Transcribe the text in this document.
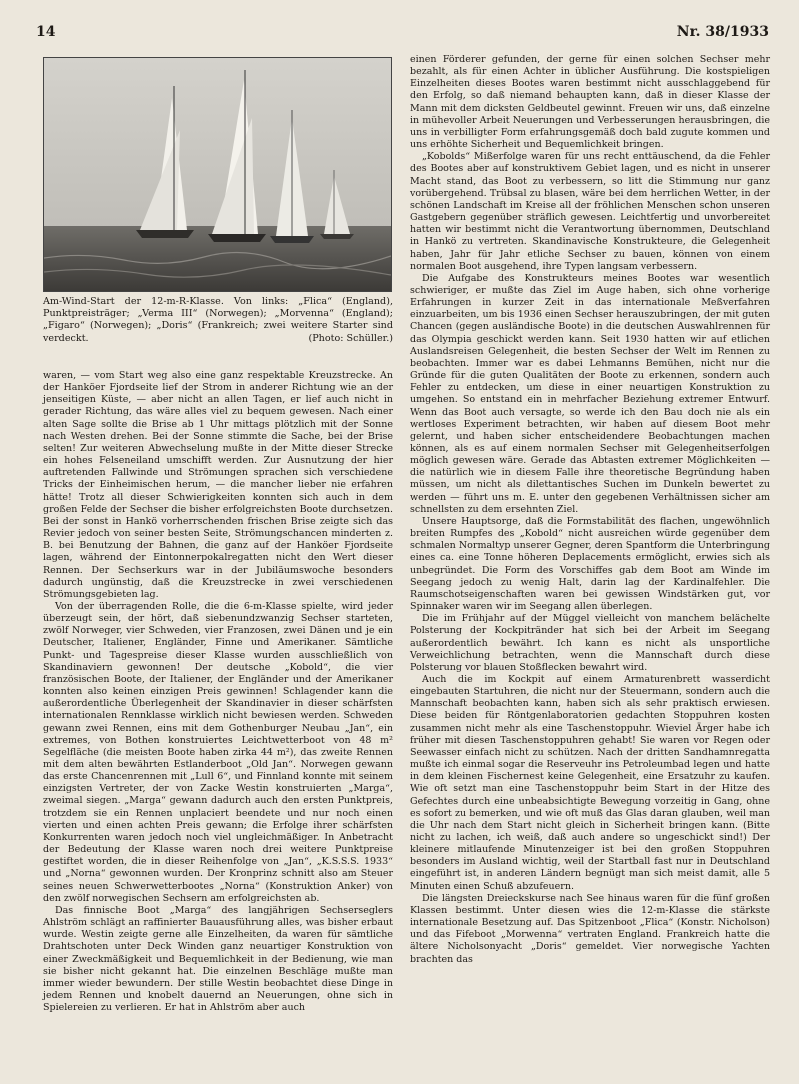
14	Nr. 38/1933
Am-Wind-Start der 12-m-R-Klasse. Von links: „Flica“ (England), Punktpreisträger; „Verma III“ (Norwegen); „Morvenna“ (England); „Figaro“ (Norwegen); „Doris“ (Frankreich; zwei weitere Starter sind verdeckt.	(Photo: Schüller.)

waren, — vom Start weg also eine ganz respektable Kreuzstrecke. An der Hanköer Fjordseite lief der Strom in anderer Richtung wie an der jenseitigen Küste, — aber nicht an allen Tagen, er lief auch nicht in gerader Richtung, das wäre alles viel zu bequem gewesen. Nach einer alten Sage sollte die Brise ab 1 Uhr mittags plötzlich mit der Sonne nach Westen drehen. Bei der Sonne stimmte die Sache, bei der Brise selten! Zur weiteren Abwechselung mußte in der Mitte dieser Strecke ein hohes Felseneiland umschifft werden. Zur Ausnutzung der hier auftretenden Fallwinde und Strömungen sprachen sich verschiedene Tricks der Einheimischen herum, — die mancher lieber nie erfahren hätte! Trotz all dieser Schwierigkeiten konnten sich auch in dem großen Felde der Sechser die bisher erfolgreichsten Boote durchsetzen. Bei der sonst in Hankö vorherrschenden frischen Brise zeigte sich das Revier jedoch von seiner besten Seite, Strömungschancen minderten z. B. bei Benutzung der Bahnen, die ganz auf der Hanköer Fjordseite lagen, während der Eintonnerpokalregatten nicht den Wert dieser Rennen. Der Sechserkurs war in der Jubiläumswoche besonders dadurch ungünstig, daß die Kreuzstrecke in zwei verschiedenen Strömungsgebieten lag.

Von der überragenden Rolle, die die 6-m-Klasse spielte, wird jeder überzeugt sein, der hört, daß siebenundzwanzig Sechser starteten, zwölf Norweger, vier Schweden, vier Franzosen, zwei Dänen und je ein Deutscher, Italiener, Engländer, Finne und Amerikaner. Sämtliche Punkt- und Tagespreise dieser Klasse wurden ausschließlich von Skandinaviern gewonnen! Der deutsche „Kobold“, die vier französischen Boote, der Italiener, der Engländer und der Amerikaner konnten also keinen einzigen Preis gewinnen! Schlagender kann die außerordentliche Überlegenheit der Skandinavier in dieser schärfsten internationalen Rennklasse wirklich nicht bewiesen werden. Schweden gewann zwei Rennen, eins mit dem Gothenburger Neubau „Jan“, ein extremes, von Bothen konstruiertes Leichtwetterboot von 48 m² Segelfläche (die meisten Boote haben zirka 44 m²), das zweite Rennen mit dem alten bewährten Estlanderboot „Old Jan“. Norwegen gewann das erste Chancenrennen mit „Lull 6“, und Finnland konnte mit seinem einzigsten Vertreter, der von Zacke Westin konstruierten „Marga“, zweimal siegen. „Marga“ gewann dadurch auch den ersten Punktpreis, trotzdem sie ein Rennen unplaciert beendete und nur noch einen vierten und einen achten Preis gewann; die Erfolge ihrer schärfsten Konkurrenten waren jedoch noch viel ungleichmäßiger. In Anbetracht der Bedeutung der Klasse waren noch drei weitere Punktpreise gestiftet worden, die in dieser Reihenfolge von „Jan“, „K.S.S.S. 1933“ und „Norna“ gewonnen wurden. Der Kronprinz schnitt also am Steuer seines neuen Schwerwetterbootes „Norna“ (Konstruktion Anker) von den zwölf norwegischen Sechsern am erfolgreichsten ab.

Das finnische Boot „Marga“ des langjährigen Sechserseglers Ahlström schlägt an raffinierter Bauausführung alles, was bisher erbaut wurde. Westin zeigte gerne alle Einzelheiten, da waren für sämtliche Drahtschoten unter Deck Winden ganz neuartiger Konstruktion von einer Zweckmäßigkeit und Bequemlichkeit in der Bedienung, wie man sie bisher nicht gekannt hat. Die einzelnen Beschläge mußte man immer wieder bewundern. Der stille Westin beobachtet diese Dinge in jedem Rennen und knobelt dauernd an Neuerungen, ohne sich in Spielereien zu verlieren. Er hat in Ahlström aber auch

einen Förderer gefunden, der gerne für einen solchen Sechser mehr bezahlt, als für einen Achter in üblicher Ausführung. Die kostspieligen Einzelheiten dieses Bootes waren bestimmt nicht ausschlaggebend für den Erfolg, so daß niemand behaupten kann, daß in dieser Klasse der Mann mit dem dicksten Geldbeutel gewinnt. Freuen wir uns, daß einzelne in mühevoller Arbeit Neuerungen und Verbesserungen herausbringen, die uns in verbilligter Form erfahrungsgemäß doch bald zugute kommen und uns erhöhte Sicherheit und Bequemlichkeit bringen.

„Kobolds“ Mißerfolge waren für uns recht enttäuschend, da die Fehler des Bootes aber auf konstruktivem Gebiet lagen, und es nicht in unserer Macht stand, das Boot zu verbessern, so litt die Stimmung nur ganz vorübergehend. Trübsal zu blasen, wäre bei dem herrlichen Wetter, in der schönen Landschaft im Kreise all der fröhlichen Menschen schon unseren Gastgebern gegenüber sträflich gewesen. Leichtfertig und unvorbereitet hatten wir bestimmt nicht die Verantwortung übernommen, Deutschland in Hankö zu vertreten. Skandinavische Konstrukteure, die Gelegenheit haben, Jahr für Jahr etliche Sechser zu bauen, können von einem normalen Boot ausgehend, ihre Typen langsam verbessern.

Die Aufgabe des Konstrukteurs meines Bootes war wesentlich schwieriger, er mußte das Ziel im Auge haben, sich ohne vorherige Erfahrungen in kurzer Zeit in das internationale Meßverfahren einzuarbeiten, um bis 1936 einen Sechser herauszubringen, der mit guten Chancen (gegen ausländische Boote) in die deutschen Auswahlrennen für das Olympia geschickt werden kann. Seit 1930 hatten wir auf etlichen Auslandsreisen Gelegenheit, die besten Sechser der Welt im Rennen zu beobachten. Immer war es dabei Lehmanns Bemühen, nicht nur die Gründe für die guten Qualitäten der Boote zu erkennen, sondern auch Fehler zu entdecken, um diese in einer neuartigen Konstruktion zu umgehen. So entstand ein in mehrfacher Beziehung extremer Entwurf. Wenn das Boot auch versagte, so werde ich den Bau doch nie als ein wertloses Experiment betrachten, wir haben auf diesem Boot mehr gelernt, und haben sicher entscheidendere Beobachtungen machen können, als es auf einem normalen Sechser mit Gelegenheitserfolgen möglich gewesen wäre. Gerade das Abtasten extremer Möglichkeiten — die natürlich wie in diesem Falle ihre theoretische Begründung haben müssen, um nicht als dilettantisches Suchen im Dunkeln bewertet zu werden — führt uns m. E. unter den gegebenen Verhältnissen sicher am schnellsten zu dem ersehnten Ziel.

Unsere Hauptsorge, daß die Formstabilität des flachen, ungewöhnlich breiten Rumpfes des „Kobold“ nicht ausreichen würde gegenüber dem schmalen Normaltyp unserer Gegner, deren Spantform die Unterbringung eines ca. eine Tonne höheren Deplacements ermöglicht, erwies sich als unbegründet. Die Form des Vorschiffes gab dem Boot am Winde im Seegang jedoch zu wenig Halt, darin lag der Kardinalfehler. Die Raumschotseigenschaften waren bei gewissen Windstärken gut, vor Spinnaker waren wir im Seegang allen überlegen.

Die im Frühjahr auf der Müggel vielleicht von manchem belächelte Polsterung der Kockpitränder hat sich bei der Arbeit im Seegang außerordentlich bewährt. Ich kann es nicht als unsportliche Verweichlichung betrachten, wenn die Mannschaft durch diese Polsterung vor blauen Stoßflecken bewahrt wird.

Auch die im Kockpit auf einem Armaturenbrett wasserdicht eingebauten Startuhren, die nicht nur der Steuermann, sondern auch die Mannschaft beobachten kann, haben sich als sehr praktisch erwiesen. Diese beiden für Röntgenlaboratorien gedachten Stoppuhren kosten zusammen nicht mehr als eine Taschenstoppuhr. Wieviel Ärger habe ich früher mit diesen Taschenstoppuhren gehabt! Sie waren vor Regen oder Seewasser einfach nicht zu schützen. Nach der dritten Sandhamnregatta mußte ich einmal sogar die Reserveuhr ins Petroleumbad legen und hatte in dem kleinen Fischernest keine Gelegenheit, eine Ersatzuhr zu kaufen. Wie oft setzt man eine Taschenstoppuhr beim Start in der Hitze des Gefechtes durch eine unbeabsichtigte Bewegung vorzeitig in Gang, ohne es sofort zu bemerken, und wie oft muß das Glas daran glauben, weil man die Uhr nach dem Start nicht gleich in Sicherheit bringen kann. (Bitte nicht zu lachen, ich weiß, daß auch andere so ungeschickt sind!) Der kleinere mitlaufende Minutenzeiger ist bei den großen Stoppuhren besonders im Ausland wichtig, weil der Startball fast nur in Deutschland eingeführt ist, in anderen Ländern begnügt man sich meist damit, alle 5 Minuten einen Schuß abzufeuern.

Die längsten Dreieckskurse nach See hinaus waren für die fünf großen Klassen bestimmt. Unter diesen wies die 12-m-Klasse die stärkste internationale Besetzung auf. Das Spitzenboot „Flica“ (Konstr. Nicholson) und das Fifeboot „Morwenna“ vertraten England. Frankreich hatte die ältere Nicholsonyacht „Doris“ gemeldet. Vier norwegische Yachten brachten das
